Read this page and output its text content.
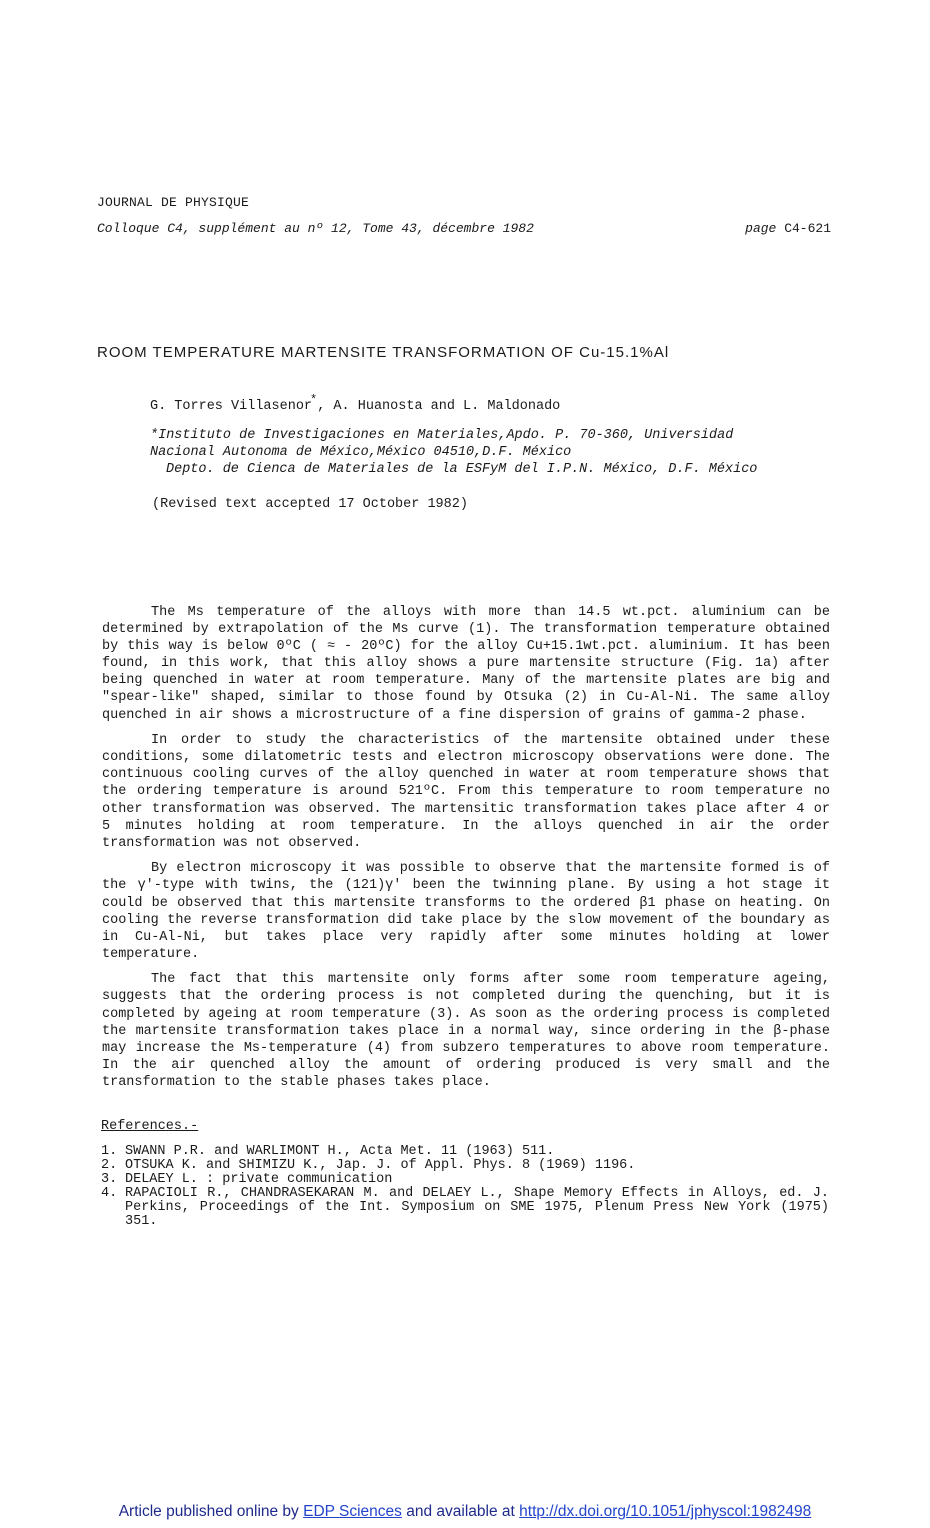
JOURNAL DE PHYSIQUE
Colloque C4, supplément au nº 12, Tome 43, décembre 1982	page C4-621
ROOM TEMPERATURE MARTENSITE TRANSFORMATION OF Cu-15.1%Al
G. Torres Villasenor*, A. Huanosta and L. Maldonado
*Instituto de Investigaciones en Materiales,Apdo. P. 70-360, Universidad
Nacional Autonoma de México,México 04510,D.F. México
Depto. de Cienca de Materiales de la ESFyM del I.P.N. México, D.F. México
(Revised text accepted 17 October 1982)

The Ms temperature of the alloys with more than 14.5 wt.pct. aluminium can be determined by extrapolation of the Ms curve (1). The transformation temperature obtained by this way is below 0ºC ( ≈ - 20ºC) for the alloy Cu+15.1wt.pct. aluminium. It has been found, in this work, that this alloy shows a pure martensite structure (Fig. 1a) after being quenched in water at room temperature. Many of the martensite plates are big and "spear-like" shaped, similar to those found by Otsuka (2) in Cu-Al-Ni. The same alloy quenched in air shows a microstructure of a fine dispersion of grains of gamma-2 phase.

In order to study the characteristics of the martensite obtained under these conditions, some dilatometric tests and electron microscopy observations were done. The continuous cooling curves of the alloy quenched in water at room temperature shows that the ordering temperature is around 521ºC. From this temperature to room temperature no other transformation was observed. The martensitic transformation takes place after 4 or 5 minutes holding at room temperature. In the alloys quenched in air the order transformation was not observed.

By electron microscopy it was possible to observe that the martensite formed is of the γ'-type with twins, the (121)γ' been the twinning plane. By using a hot stage it could be observed that this martensite transforms to the ordered β1 phase on heating. On cooling the reverse transformation did take place by the slow movement of the boundary as in Cu-Al-Ni, but takes place very rapidly after some minutes holding at lower temperature.

The fact that this martensite only forms after some room temperature ageing, suggests that the ordering process is not completed during the quenching, but it is completed by ageing at room temperature (3). As soon as the ordering process is completed the martensite transformation takes place in a normal way, since ordering in the β-phase may increase the Ms-temperature (4) from subzero temperatures to above room temperature. In the air quenched alloy the amount of ordering produced is very small and the transformation to the stable phases takes place.

References.-
1. SWANN P.R. and WARLIMONT H., Acta Met. 11 (1963) 511.
2. OTSUKA K. and SHIMIZU K., Jap. J. of Appl. Phys. 8 (1969) 1196.
3. DELAEY L. : private communication
4. RAPACIOLI R., CHANDRASEKARAN M. and DELAEY L., Shape Memory Effects in Alloys, ed. J. Perkins, Proceedings of the Int. Symposium on SME 1975, Plenum Press New York (1975) 351.
Article published online by EDP Sciences and available at http://dx.doi.org/10.1051/jphyscol:1982498
